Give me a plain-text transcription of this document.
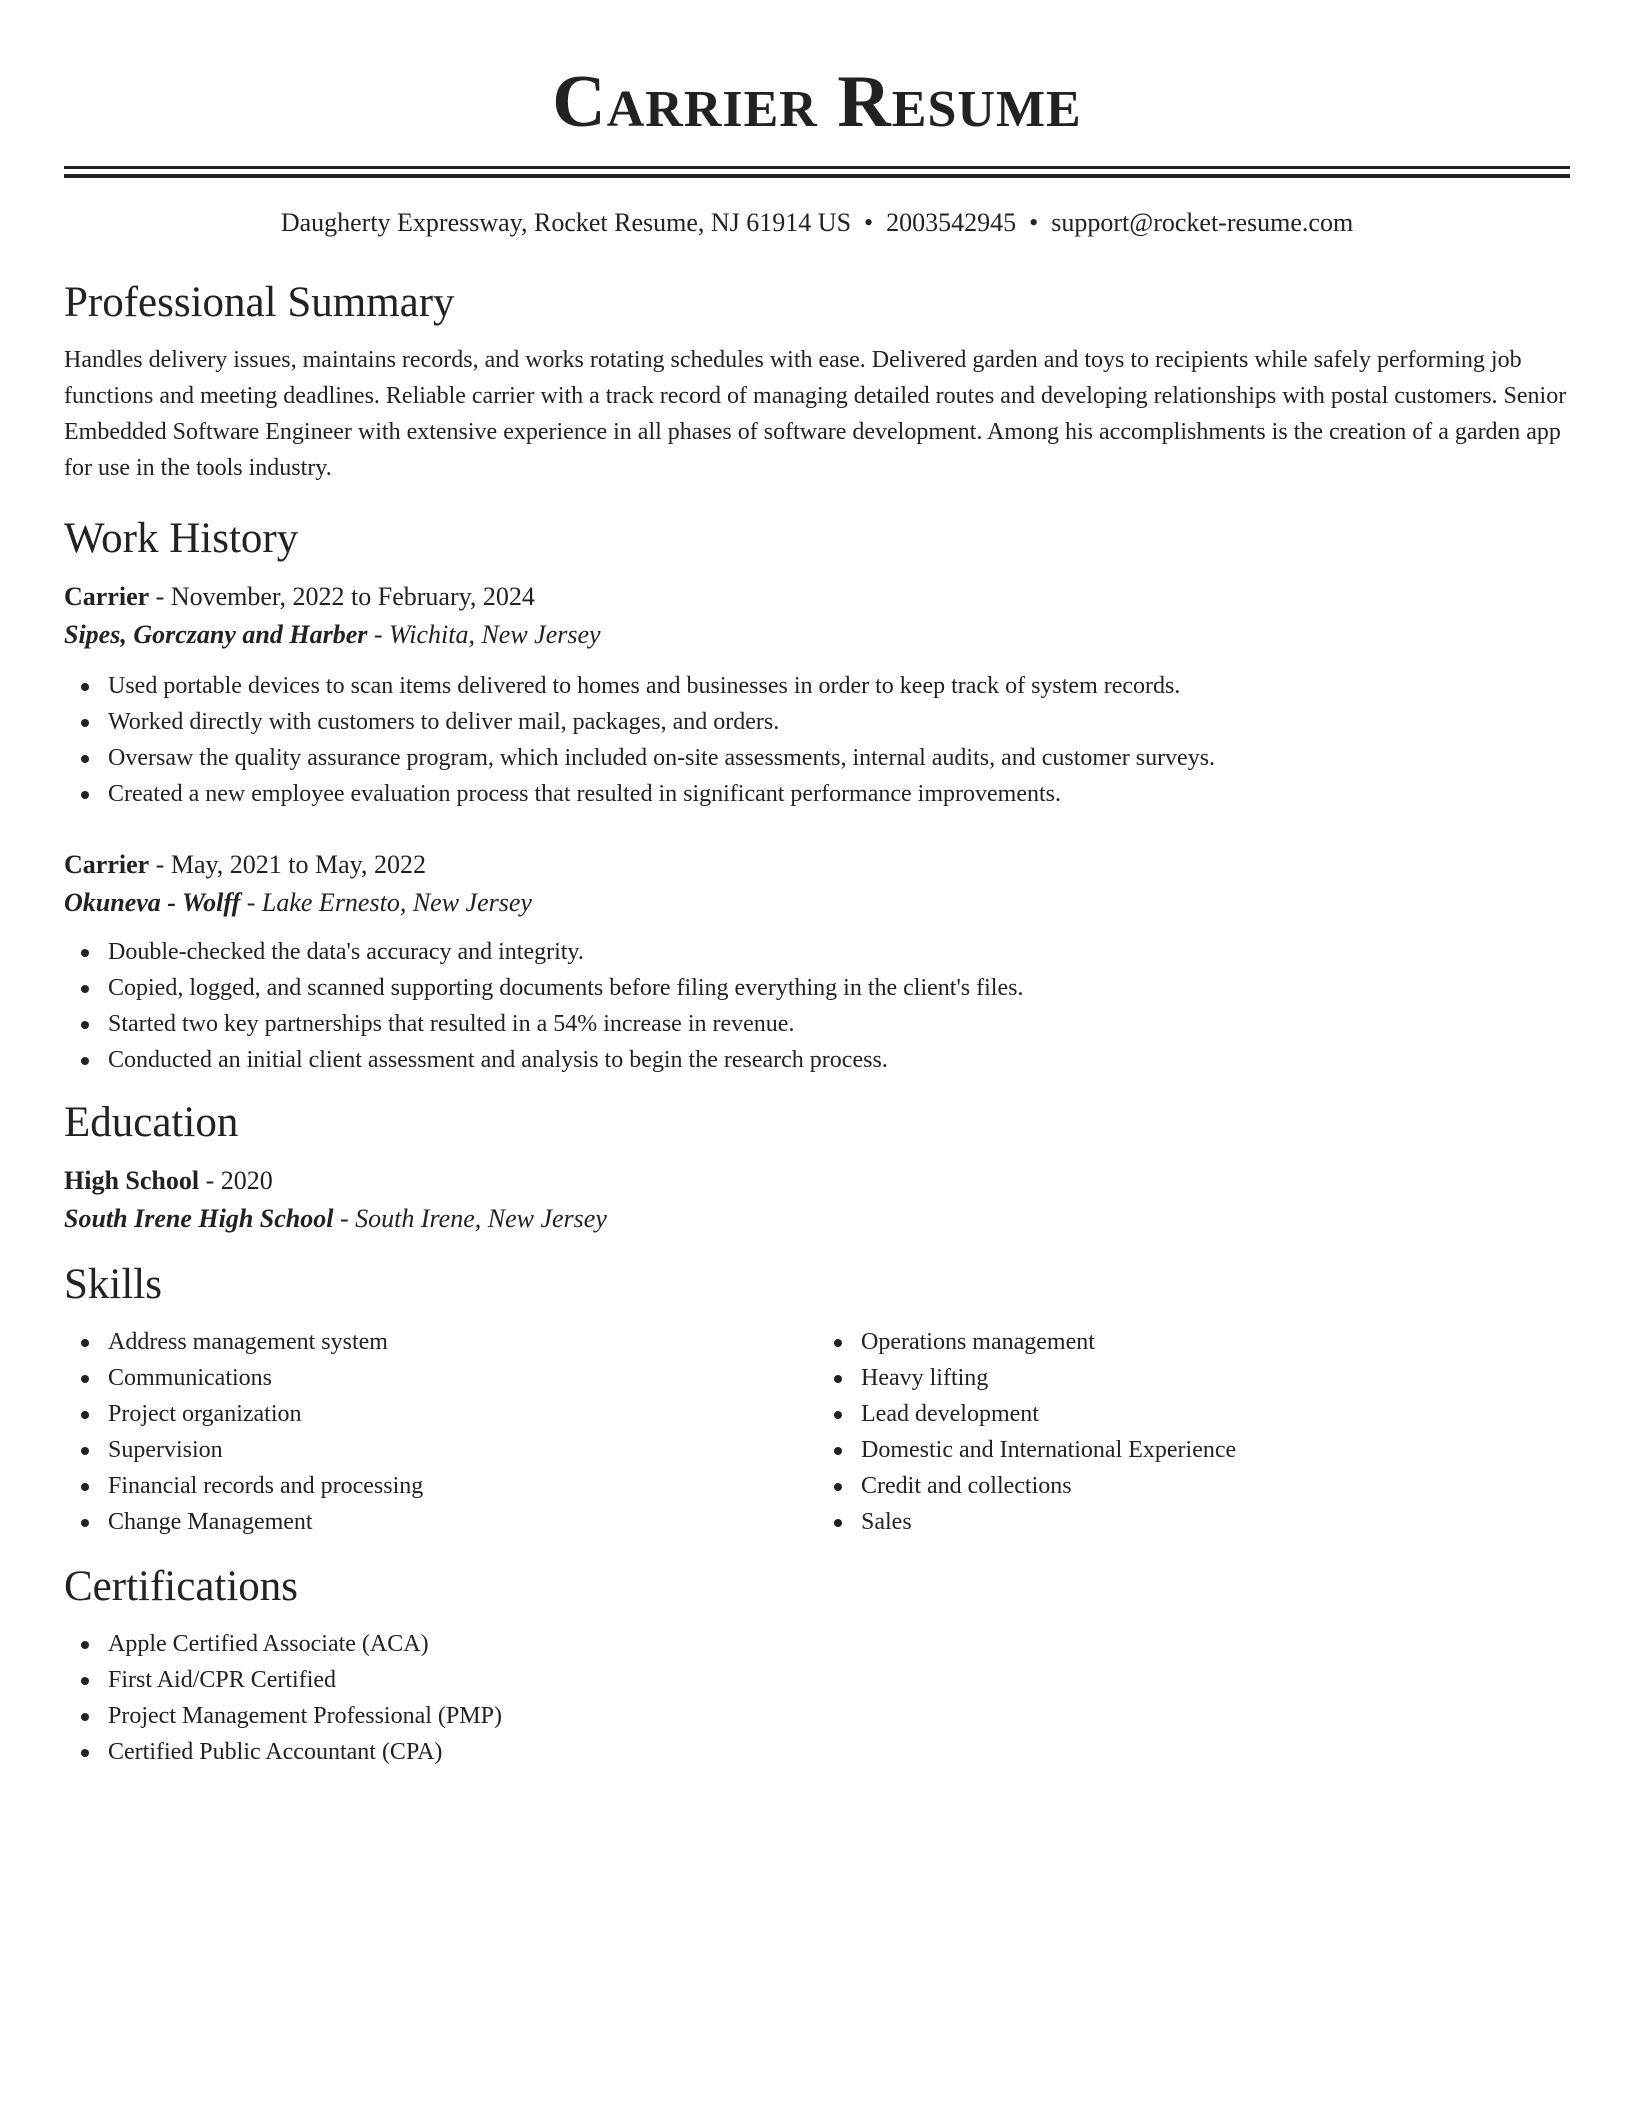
Carrier Resume
Daugherty Expressway, Rocket Resume, NJ 61914 US • 2003542945 • support@rocket-resume.com
Professional Summary
Handles delivery issues, maintains records, and works rotating schedules with ease. Delivered garden and toys to recipients while safely performing job functions and meeting deadlines. Reliable carrier with a track record of managing detailed routes and developing relationships with postal customers. Senior Embedded Software Engineer with extensive experience in all phases of software development. Among his accomplishments is the creation of a garden app for use in the tools industry.
Work History
Carrier - November, 2022 to February, 2024
Sipes, Gorczany and Harber - Wichita, New Jersey
Used portable devices to scan items delivered to homes and businesses in order to keep track of system records.
Worked directly with customers to deliver mail, packages, and orders.
Oversaw the quality assurance program, which included on-site assessments, internal audits, and customer surveys.
Created a new employee evaluation process that resulted in significant performance improvements.
Carrier - May, 2021 to May, 2022
Okuneva - Wolff - Lake Ernesto, New Jersey
Double-checked the data's accuracy and integrity.
Copied, logged, and scanned supporting documents before filing everything in the client's files.
Started two key partnerships that resulted in a 54% increase in revenue.
Conducted an initial client assessment and analysis to begin the research process.
Education
High School - 2020
South Irene High School - South Irene, New Jersey
Skills
Address management system
Communications
Project organization
Supervision
Financial records and processing
Change Management
Operations management
Heavy lifting
Lead development
Domestic and International Experience
Credit and collections
Sales
Certifications
Apple Certified Associate (ACA)
First Aid/CPR Certified
Project Management Professional (PMP)
Certified Public Accountant (CPA)
